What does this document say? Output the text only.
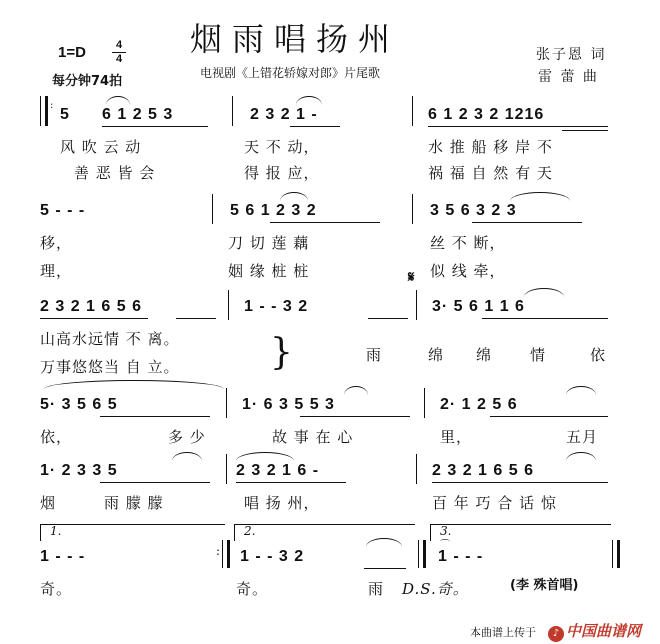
烟雨唱扬州
1=D	4
4
每分钟74拍
电视剧《上错花轿嫁对郎》片尾歌
张子恩 词
雷 蕾 曲
:
5 6 1 2 5 3	2 3 2 1 -	6 1 2 3 2 1216
风 吹 云 动	天 不 动，	水 推 船 移 岸 不
善 恶 皆 会	得 报 应，	祸 福 自 然 有 天
5 - - -	5 6 1 2 3 2	3 5 6 3 2 3
移，	刀 切 莲 藕	丝 不 断，
理，	姻 缘 桩 桩	似 线 牵，
2 3 2 1 6 5 6	1 - - 3 2
𝄋
3· 5 6 1 1 6
山高水远情 不 离。
万事悠悠当 自 立。	}	雨	绵 绵	情	依
5· 3 5 6 5	1· 6 3 5 5 3	2· 1 2 5 6
依，	多 少	故 事 在 心	里，	五月
1· 2 3 3 5	2 3 2 1 6 -	2 3 2 1 6 5 6
烟	雨 朦 朦	唱 扬 州，	百 年 巧 合 话 惊
1.	2.	3.
1 - - -	: 1 - - 3 2	1 - - -
⌒
奇。	奇。	雨 D.S.奇。	(李 殊首唱)
本曲谱上传于	♪ 中国曲谱网
